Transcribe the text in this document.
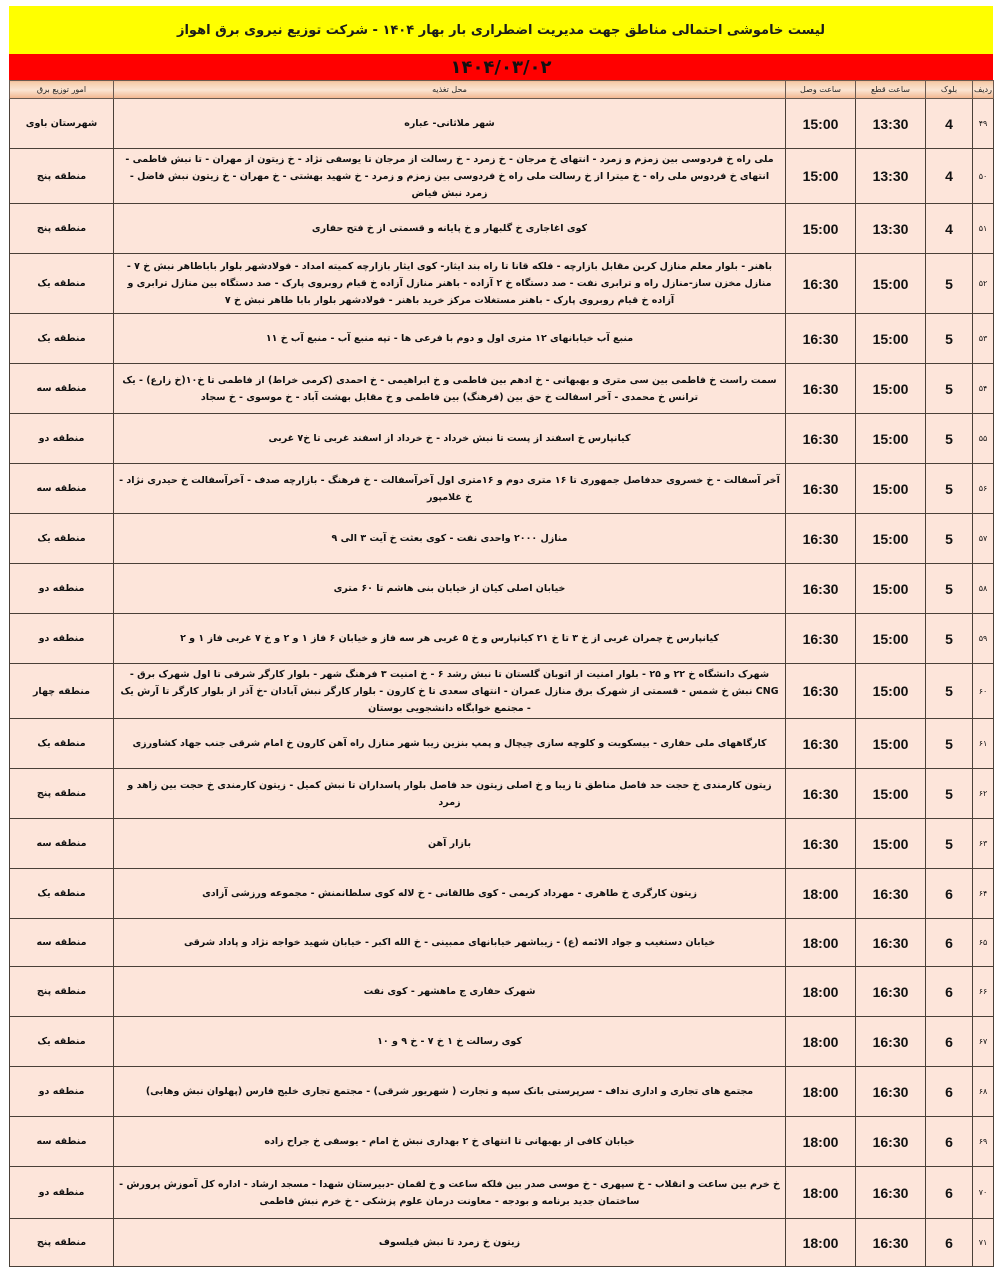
لیست خاموشی احتمالی مناطق جهت مدیریت اضطراری بار بهار ۱۴۰۴ - شرکت توزیع نیروی برق اهواز
۱۴۰۴/۰۳/۰۲
امور توزیع برق	محل تغذیه	ساعت وصل	ساعت قطع	بلوک	ردیف
شهرستان باوی	شهر ملاثانی- عباره	15:00	13:30	4	۴۹
منطقه پنج	ملی راه خ فردوسی بین زمزم و زمرد - انتهای خ مرجان - خ زمرد - خ رسالت از مرجان تا یوسفی نژاد - خ زیتون از مهران - تا نبش فاطمی - انتهای خ فردوس ملی راه - خ میترا از خ رسالت ملی راه خ فردوسی بین زمزم و زمرد - خ شهید بهشتی - خ مهران - خ زیتون نبش فاضل - زمرد نبش فیاض	15:00	13:30	4	۵۰
منطقه پنج	کوی اغاجاری خ گلبهار و خ پایانه و قسمتی از خ فتح حفاری	15:00	13:30	4	۵۱
منطقه یک	باهنر - بلوار معلم منازل کربن مقابل بازارچه - فلکه قانا تا راه بند ایثار- کوی ایثار بازارچه کمیته امداد - فولادشهر بلوار باباطاهر نبش خ ۷ - منازل مخزن ساز-منازل راه و ترابری نفت - صد دستگاه خ ۲ آزاده - باهنر منازل آزاده خ قیام روبروی پارک - صد دستگاه بین منازل ترابری و آزاده خ قیام روبروی پارک - باهنر مستغلات مرکز خرید باهنر - فولادشهر بلوار بابا طاهر نبش خ ۷	16:30	15:00	5	۵۲
منطقه یک	منبع آب خیابانهای ۱۲ متری اول و دوم با فرعی ها - تپه منبع آب - منبع آب خ ۱۱	16:30	15:00	5	۵۳
منطقه سه	سمت راست خ فاطمی بین سی متری و بهبهانی - خ ادهم بین فاطمی و خ ابراهیمی - خ احمدی (کرمی خراط) از فاطمی تا خ۱۰(خ زارع) - یک ترانس خ محمدی - آخر اسفالت خ حق بین (فرهنگ) بین فاطمی و خ مقابل بهشت آباد - خ موسوی - خ سجاد	16:30	15:00	5	۵۴
منطقه دو	کیانپارس خ اسفند از پست تا نبش خرداد - خ خرداد از اسفند غربی تا خ۷ غربی	16:30	15:00	5	۵۵
منطقه سه	آخر آسفالت - خ خسروی حدفاصل جمهوری تا ۱۶ متری دوم و ۱۶متری اول آخرآسفالت - خ فرهنگ - بازارچه صدف - آخرآسفالت خ حیدری نژاد - خ غلامپور	16:30	15:00	5	۵۶
منطقه یک	منازل ۲۰۰۰ واحدی نفت - کوی بعثت خ آیت ۳ الی ۹	16:30	15:00	5	۵۷
منطقه دو	خیابان اصلی کیان از خیابان بنی هاشم تا ۶۰ متری	16:30	15:00	5	۵۸
منطقه دو	کیانپارس خ چمران غربی از خ ۳ تا خ ۲۱ کیانپارس و خ ۵ غربی هر سه فاز و خیابان ۶ فاز ۱ و ۲ و خ ۷ غربی فاز ۱ و ۲	16:30	15:00	5	۵۹
منطقه چهار	شهرک دانشگاه خ ۲۲ و ۲۵ - بلوار امنیت از اتوبان گلستان تا نبش رشد ۶ - خ امنیت ۳ فرهنگ شهر - بلوار کارگر شرقی تا اول شهرک برق - CNG نبش خ شمس - قسمتی از شهرک برق منازل عمران - انتهای سعدی تا خ کارون - بلوار کارگر نبش آبادان -خ آذر از بلوار کارگر تا آرش یک - مجتمع خوابگاه دانشجویی بوستان	16:30	15:00	5	۶۰
منطقه یک	کارگاههای ملی حفاری - بیسکویت و کلوچه سازی چیچال و پمپ بنزین زیبا شهر منازل راه آهن کارون خ امام شرقی جنب جهاد کشاورزی	16:30	15:00	5	۶۱
منطقه پنج	زیتون کارمندی خ حجت حد فاصل مناطق تا زیبا و خ اصلی زیتون حد فاصل بلوار پاسداران تا نبش کمیل - زیتون کارمندی خ حجت بین زاهد و زمرد	16:30	15:00	5	۶۲
منطقه سه	بازار آهن	16:30	15:00	5	۶۳
منطقه یک	زیتون کارگری خ طاهری - مهرداد کریمی - کوی طالقانی - خ لاله کوی سلطانمنش - مجموعه ورزشی آزادی	18:00	16:30	6	۶۴
منطقه سه	خیابان دستغیب و جواد الائمه (ع) - زیباشهر خیابانهای ممبینی - خ الله اکبر - خیابان شهید خواجه نژاد و پاداد شرقی	18:00	16:30	6	۶۵
منطقه پنج	شهرک حفاری ج ماهشهر - کوی نفت	18:00	16:30	6	۶۶
منطقه یک	کوی رسالت خ ۱ خ ۷ - خ ۹ و ۱۰	18:00	16:30	6	۶۷
منطقه دو	مجتمع های تجاری و اداری نداف - سرپرستی بانک سپه و تجارت ( شهریور شرقی) - مجتمع تجاری خلیج فارس (پهلوان نبش وهابی)	18:00	16:30	6	۶۸
منطقه سه	خیابان کافی از بهبهانی تا انتهای خ ۲ بهداری نبش خ امام - یوسفی خ جراح زاده	18:00	16:30	6	۶۹
منطقه دو	خ خرم بین ساعت و انقلاب - خ سپهری - خ موسی صدر بین فلکه ساعت و خ لقمان -دبیرستان شهدا - مسجد ارشاد - اداره کل آموزش پرورش - ساختمان جدید برنامه و بودجه - معاونت درمان علوم پزشکی - خ خرم نبش فاطمی	18:00	16:30	6	۷۰
منطقه پنج	زیتون خ زمرد تا نبش فیلسوف	18:00	16:30	6	۷۱
